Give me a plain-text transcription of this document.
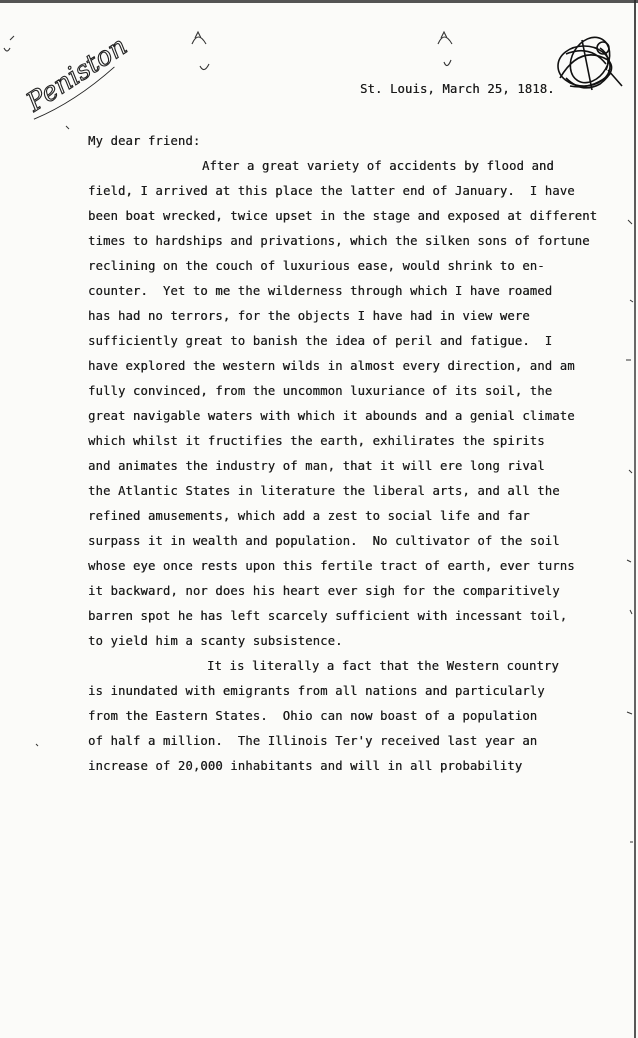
Peniston	St. Louis, March 25, 1818.
My dear friend:
After a great variety of accidents by flood and
field, I arrived at this place the latter end of January.  I have
been boat wrecked, twice upset in the stage and exposed at different
times to hardships and privations, which the silken sons of fortune
reclining on the couch of luxurious ease, would shrink to en-
counter.  Yet to me the wilderness through which I have roamed
has had no terrors, for the objects I have had in view were
sufficiently great to banish the idea of peril and fatigue.  I
have explored the western wilds in almost every direction, and am
fully convinced, from the uncommon luxuriance of its soil, the
great navigable waters with which it abounds and a genial climate
which whilst it fructifies the earth, exhilirates the spirits
and animates the industry of man, that it will ere long rival
the Atlantic States in literature the liberal arts, and all the
refined amusements, which add a zest to social life and far
surpass it in wealth and population.  No cultivator of the soil
whose eye once rests upon this fertile tract of earth, ever turns
it backward, nor does his heart ever sigh for the comparitively
barren spot he has left scarcely sufficient with incessant toil,
to yield him a scanty subsistence.
It is literally a fact that the Western country
is inundated with emigrants from all nations and particularly
from the Eastern States.  Ohio can now boast of a population
of half a million.  The Illinois Ter'y received last year an
increase of 20,000 inhabitants and will in all probability
